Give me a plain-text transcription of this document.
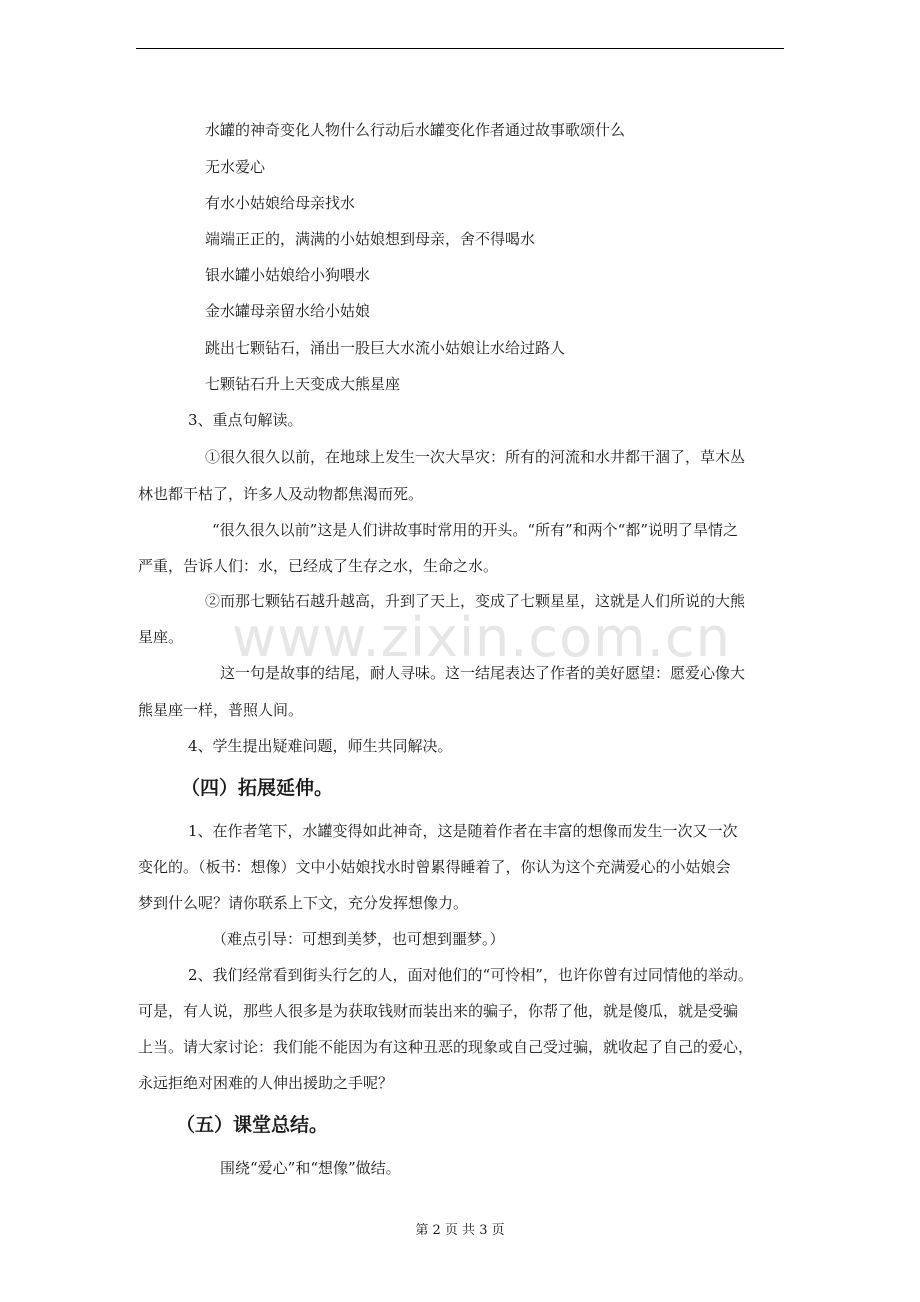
www.zixin.com.cn
水罐的神奇变化人物什么行动后水罐变化作者通过故事歌颂什么
无水爱心
有水小姑娘给母亲找水
端端正正的，满满的小姑娘想到母亲，舍不得喝水
银水罐小姑娘给小狗喂水
金水罐母亲留水给小姑娘
跳出七颗钻石，涌出一股巨大水流小姑娘让水给过路人
七颗钻石升上天变成大熊星座
3、重点句解读。
①很久很久以前，在地球上发生一次大旱灾：所有的河流和水井都干涸了，草木丛
林也都干枯了，许多人及动物都焦渴而死。
“很久很久以前”这是人们讲故事时常用的开头。“所有”和两个“都”说明了旱情之
严重，告诉人们：水，已经成了生存之水，生命之水。
②而那七颗钻石越升越高，升到了天上，变成了七颗星星，这就是人们所说的大熊
星座。
这一句是故事的结尾，耐人寻味。这一结尾表达了作者的美好愿望：愿爱心像大
熊星座一样，普照人间。
4、学生提出疑难问题，师生共同解决。
（四）拓展延伸。
1、在作者笔下，水罐变得如此神奇，这是随着作者在丰富的想像而发生一次又一次
变化的。（板书：想像）文中小姑娘找水时曾累得睡着了，你认为这个充满爱心的小姑娘会
梦到什么呢？请你联系上下文，充分发挥想像力。
（难点引导：可想到美梦，也可想到噩梦。）
2、我们经常看到街头行乞的人，面对他们的“可怜相”，也许你曾有过同情他的举动。
可是，有人说，那些人很多是为获取钱财而装出来的骗子，你帮了他，就是傻瓜，就是受骗
上当。请大家讨论：我们能不能因为有这种丑恶的现象或自己受过骗，就收起了自己的爱心，
永远拒绝对困难的人伸出援助之手呢？
（五）课堂总结。
围绕“爱心”和“想像”做结。
第 2 页 共 3 页
